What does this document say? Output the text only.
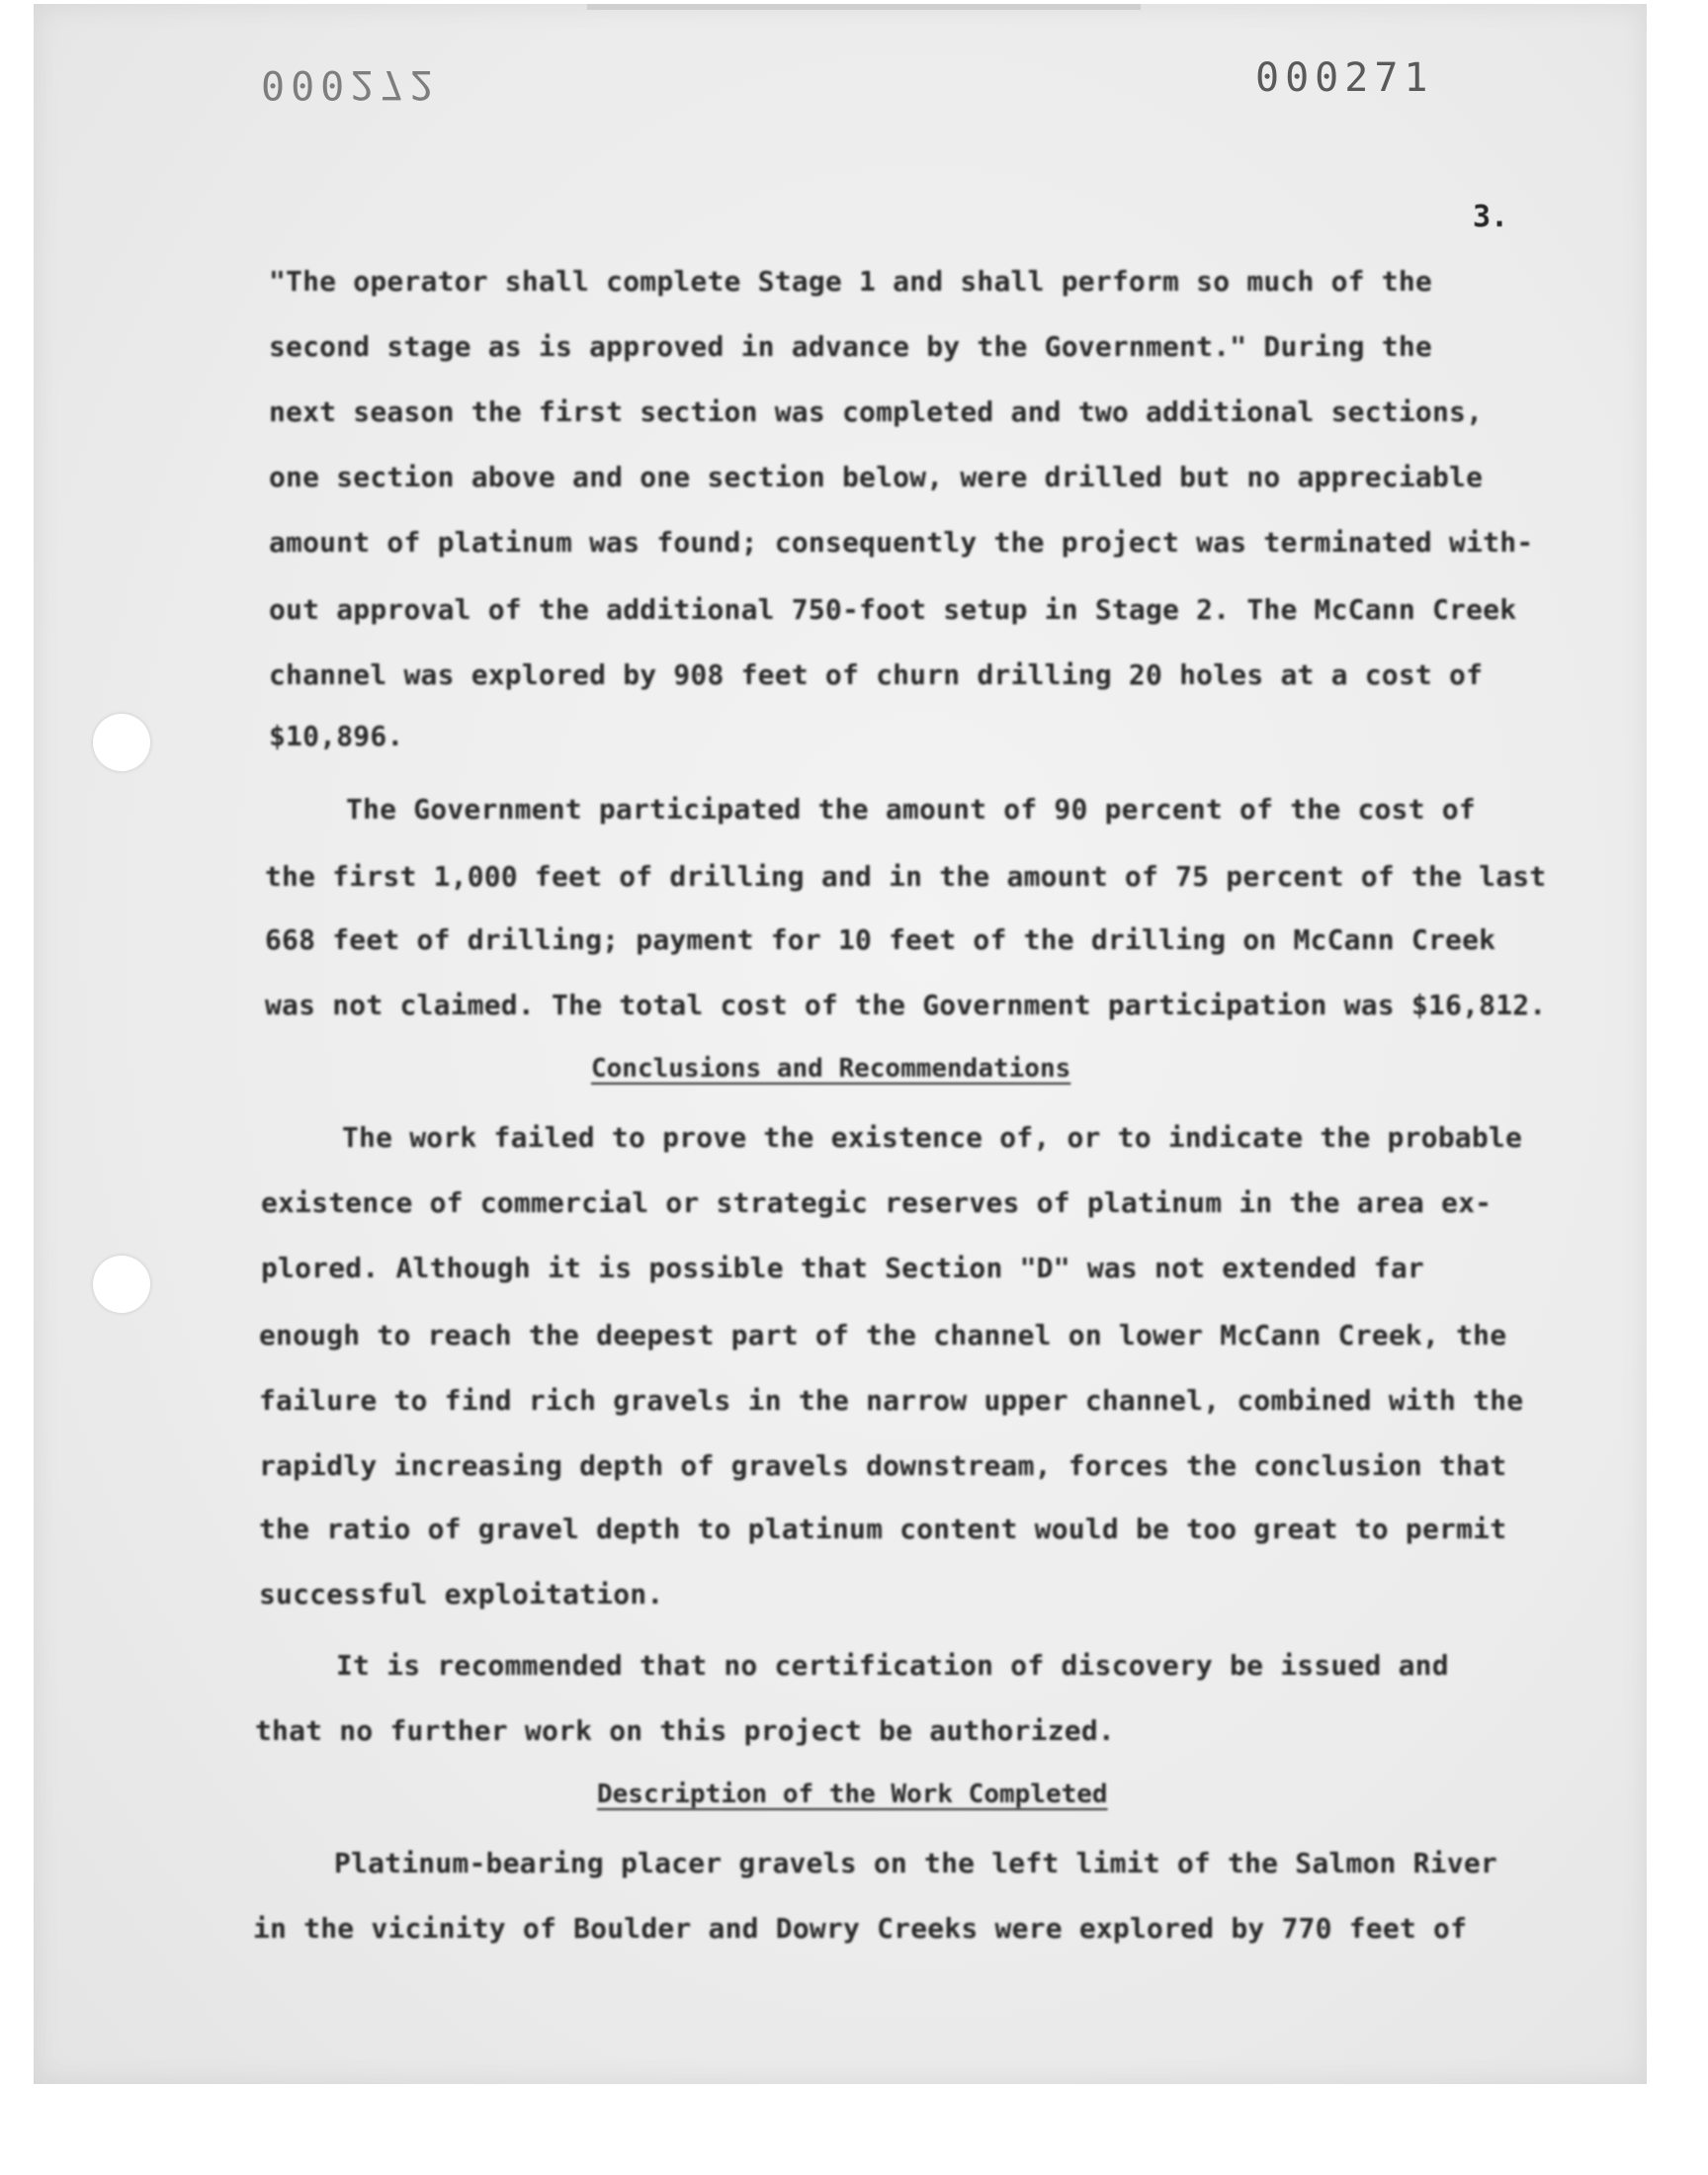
000272	000271
3.
"The operator shall complete Stage 1 and shall perform so much of the
second stage as is approved in advance by the Government." During the
next season the first section was completed and two additional sections,
one section above and one section below, were drilled but no appreciable
amount of platinum was found; consequently the project was terminated with-
out approval of the additional 750-foot setup in Stage 2. The McCann Creek
channel was explored by 908 feet of churn drilling 20 holes at a cost of
$10,896.
The Government participated the amount of 90 percent of the cost of
the first 1,000 feet of drilling and in the amount of 75 percent of the last
668 feet of drilling; payment for 10 feet of the drilling on McCann Creek
was not claimed. The total cost of the Government participation was $16,812.
Conclusions and Recommendations
The work failed to prove the existence of, or to indicate the probable
existence of commercial or strategic reserves of platinum in the area ex-
plored. Although it is possible that Section "D" was not extended far
enough to reach the deepest part of the channel on lower McCann Creek, the
failure to find rich gravels in the narrow upper channel, combined with the
rapidly increasing depth of gravels downstream, forces the conclusion that
the ratio of gravel depth to platinum content would be too great to permit
successful exploitation.
It is recommended that no certification of discovery be issued and
that no further work on this project be authorized.
Description of the Work Completed
Platinum-bearing placer gravels on the left limit of the Salmon River
in the vicinity of Boulder and Dowry Creeks were explored by 770 feet of
